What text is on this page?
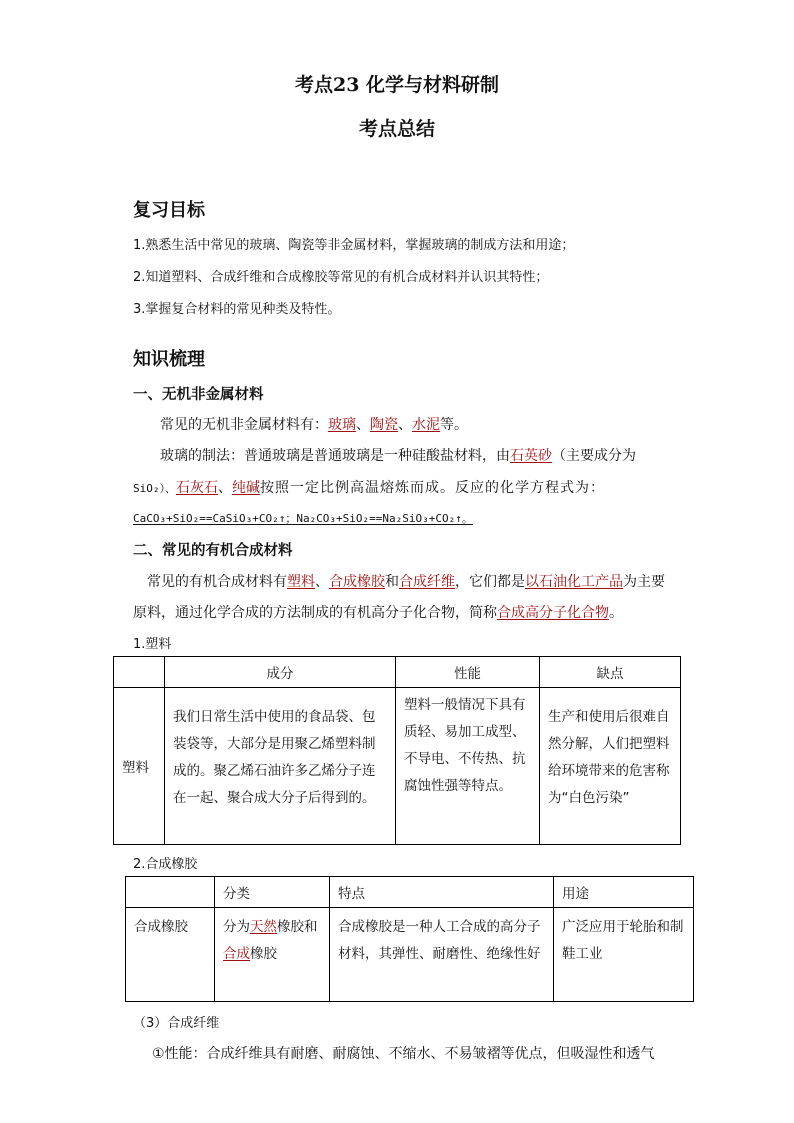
考点23 化学与材料研制
考点总结
复习目标
1.熟悉生活中常见的玻璃、陶瓷等非金属材料，掌握玻璃的制成方法和用途；
2.知道塑料、合成纤维和合成橡胶等常见的有机合成材料并认识其特性；
3.掌握复合材料的常见种类及特性。
知识梳理
一、无机非金属材料
常见的无机非金属材料有：玻璃、陶瓷、水泥等。
玻璃的制法：普通玻璃是普通玻璃是一种硅酸盐材料，由石英砂（主要成分为
SiO₂）、石灰石、纯碱按照一定比例高温熔炼而成。反应的化学方程式为：
CaCO₃+SiO₂==CaSiO₃+CO₂↑；Na₂CO₃+SiO₂==Na₂SiO₃+CO₂↑。
二、常见的有机合成材料
常见的有机合成材料有塑料、合成橡胶和合成纤维，它们都是以石油化工产品为主要
原料，通过化学合成的方法制成的有机高分子化合物，简称合成高分子化合物。
1.塑料
	成分	性能	缺点
塑料	我们日常生活中使用的食品袋、包装袋等，大部分是用聚乙烯塑料制成的。聚乙烯石油许多乙烯分子连在一起、聚合成大分子后得到的。	塑料一般情况下具有质轻、易加工成型、不导电、不传热、抗腐蚀性强等特点。	生产和使用后很难自然分解，人们把塑料给环境带来的危害称为“白色污染”
2.合成橡胶
	分类	特点	用途

合成橡胶	分为天然橡胶和合成橡胶	合成橡胶是一种人工合成的高分子材料，其弹性、耐磨性、绝缘性好	广泛应用于轮胎和制鞋工业
（3）合成纤维
①性能：合成纤维具有耐磨、耐腐蚀、不缩水、不易皱褶等优点，但吸湿性和透气
